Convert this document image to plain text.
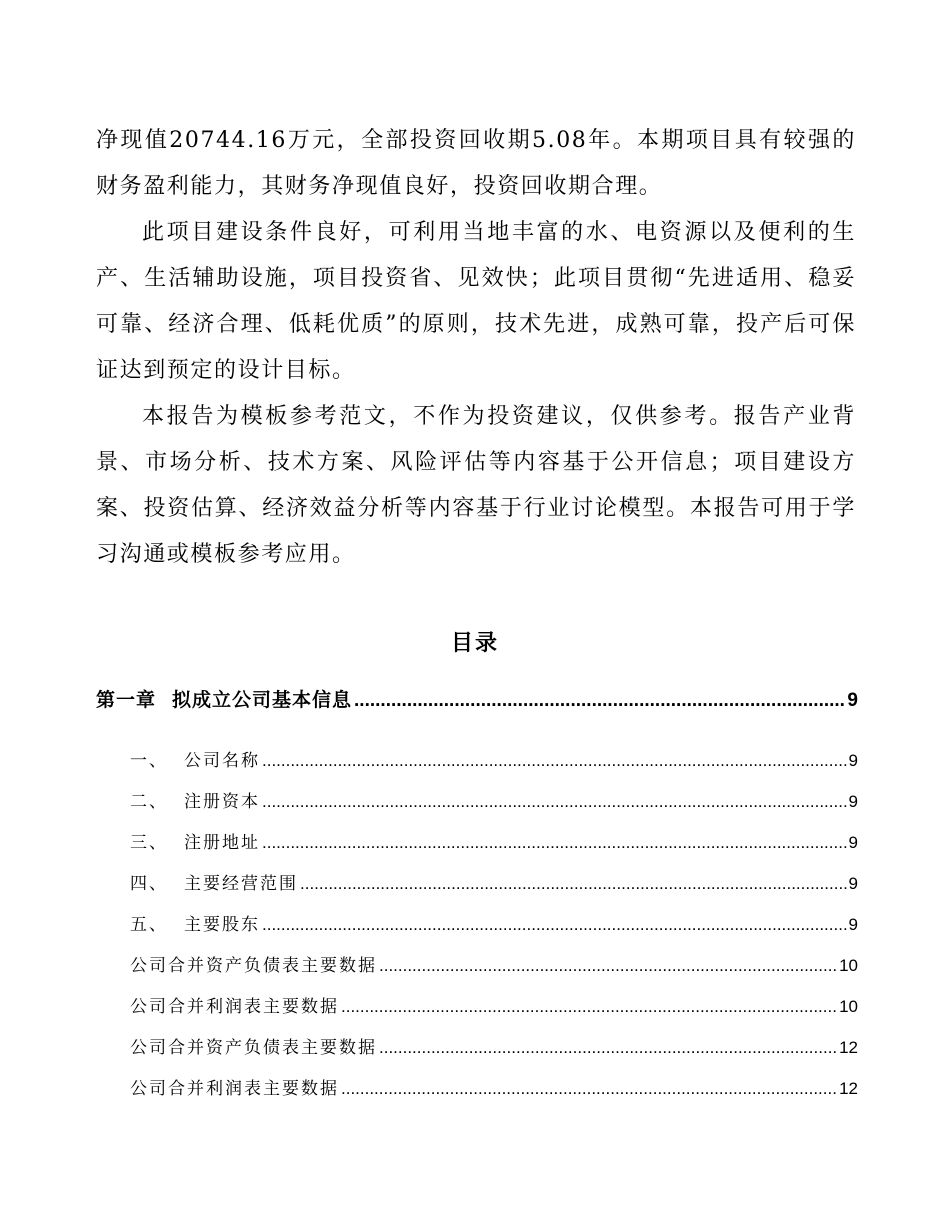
净现值20744.16万元，全部投资回收期5.08年。本期项目具有较强的财务盈利能力，其财务净现值良好，投资回收期合理。

此项目建设条件良好，可利用当地丰富的水、电资源以及便利的生产、生活辅助设施，项目投资省、见效快；此项目贯彻“先进适用、稳妥可靠、经济合理、低耗优质”的原则，技术先进，成熟可靠，投产后可保证达到预定的设计目标。

本报告为模板参考范文，不作为投资建议，仅供参考。报告产业背景、市场分析、技术方案、风险评估等内容基于公开信息；项目建设方案、投资估算、经济效益分析等内容基于行业讨论模型。本报告可用于学习沟通或模板参考应用。

目录
第一章 拟成立公司基本信息 .....	9
一、 公司名称 .....	9
二、 注册资本 .....	9
三、 注册地址 .....	9
四、 主要经营范围 .....	9
五、 主要股东 .....	9
公司合并资产负债表主要数据 .....	10
公司合并利润表主要数据 .....	10
公司合并资产负债表主要数据 .....	12
公司合并利润表主要数据 .....	12
